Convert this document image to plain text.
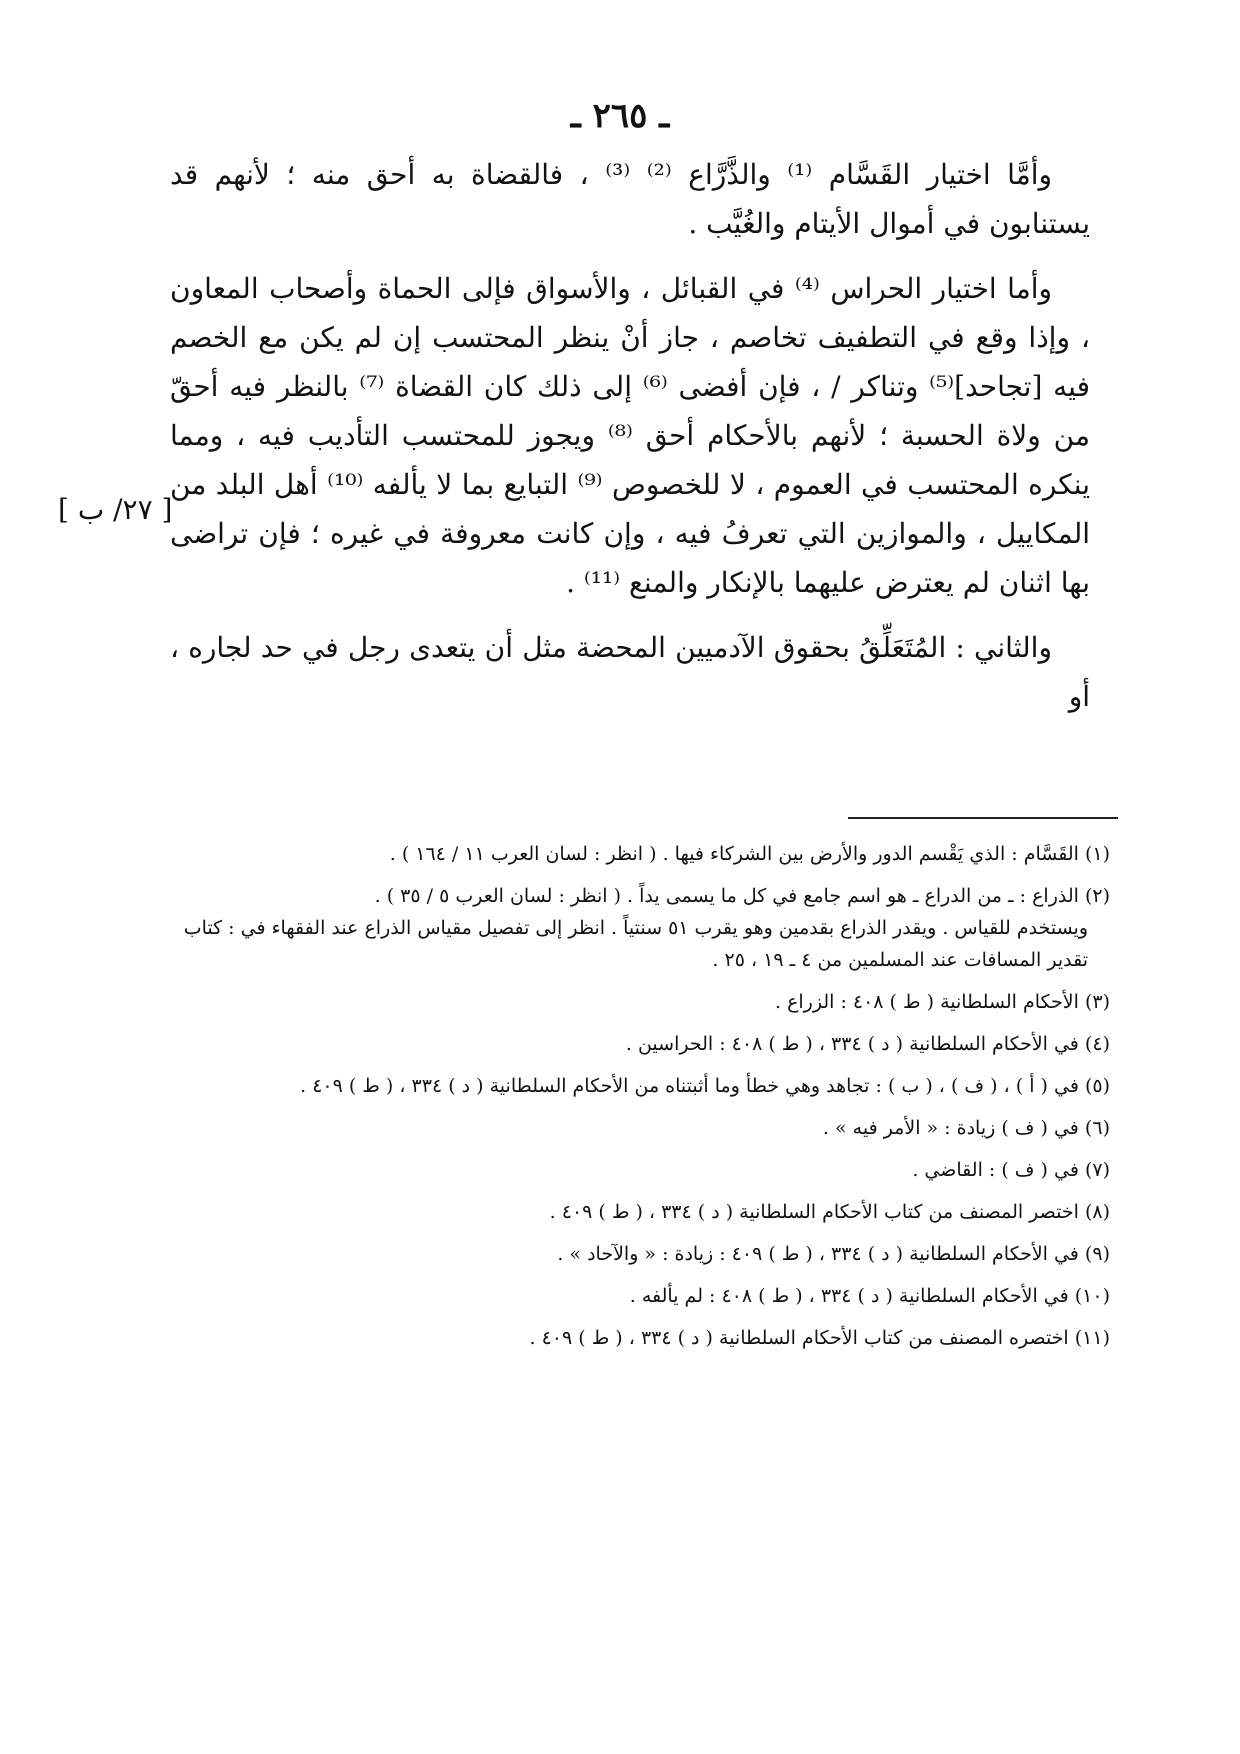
ـ ٢٦٥ ـ

وأمَّا اختيار القَسَّام ⁽¹⁾ والذَّرَّاع ⁽²⁾ ⁽³⁾ ، فالقضاة به أحق منه ؛ لأنهم قد يستنابون في أموال الأيتام والغُيَّب .

وأما اختيار الحراس ⁽⁴⁾ في القبائل ، والأسواق فإلى الحماة وأصحاب المعاون ، وإذا وقع في التطفيف تخاصم ، جاز أنْ ينظر المحتسب إن لم يكن مع الخصم فيه [تجاحد]⁽⁵⁾ وتناكر / ، فإن أفضى ⁽⁶⁾ إلى ذلك كان القضاة ⁽⁷⁾ بالنظر فيه أحقّ من ولاة الحسبة ؛ لأنهم بالأحكام أحق ⁽⁸⁾ ويجوز للمحتسب التأديب فيه ، ومما ينكره المحتسب في العموم ، لا للخصوص ⁽⁹⁾ التبايع بما لا يألفه ⁽¹⁰⁾ أهل البلد من المكاييل ، والموازين التي تعرفُ فيه ، وإن كانت معروفة في غيره ؛ فإن تراضى بها اثنان لم يعترض عليهما بالإنكار والمنع ⁽¹¹⁾ .

والثاني : المُتَعَلِّقُ بحقوق الآدميين المحضة مثل أن يتعدى رجل في حد لجاره ، أو

[ ٢٧/ ب ]
(١) القَسَّام : الذي يَقْسم الدور والأرض بين الشركاء فيها . ( انظر : لسان العرب ١١ / ١٦٤ ) .
(٢) الذراع : ـ من الدراع ـ هو اسم جامع في كل ما يسمى يداً . ( انظر : لسان العرب ٥ / ٣٥ ) .
ويستخدم للقياس . ويقدر الذراع بقدمين وهو يقرب ٥١ سنتياً . انظر إلى تفصيل مقياس الذراع عند الفقهاء في : كتاب تقدير المسافات عند المسلمين من ٤ ـ ١٩ ، ٢٥ .
(٣) الأحكام السلطانية ( ط ) ٤٠٨ : الزراع .
(٤) في الأحكام السلطانية ( د ) ٣٣٤ ، ( ط ) ٤٠٨ : الحراسين .
(٥) في ( أ ) ، ( ف ) ، ( ب ) : تجاهد وهي خطأ وما أثبتناه من الأحكام السلطانية ( د ) ٣٣٤ ، ( ط ) ٤٠٩ .
(٦) في ( ف ) زيادة : « الأمر فيه » .
(٧) في ( ف ) : القاضي .
(٨) اختصر المصنف من كتاب الأحكام السلطانية ( د ) ٣٣٤ ، ( ط ) ٤٠٩ .
(٩) في الأحكام السلطانية ( د ) ٣٣٤ ، ( ط ) ٤٠٩ : زيادة : « والآحاد » .
(١٠) في الأحكام السلطانية ( د ) ٣٣٤ ، ( ط ) ٤٠٨ : لم يألفه .
(١١) اختصره المصنف من كتاب الأحكام السلطانية ( د ) ٣٣٤ ، ( ط ) ٤٠٩ .
